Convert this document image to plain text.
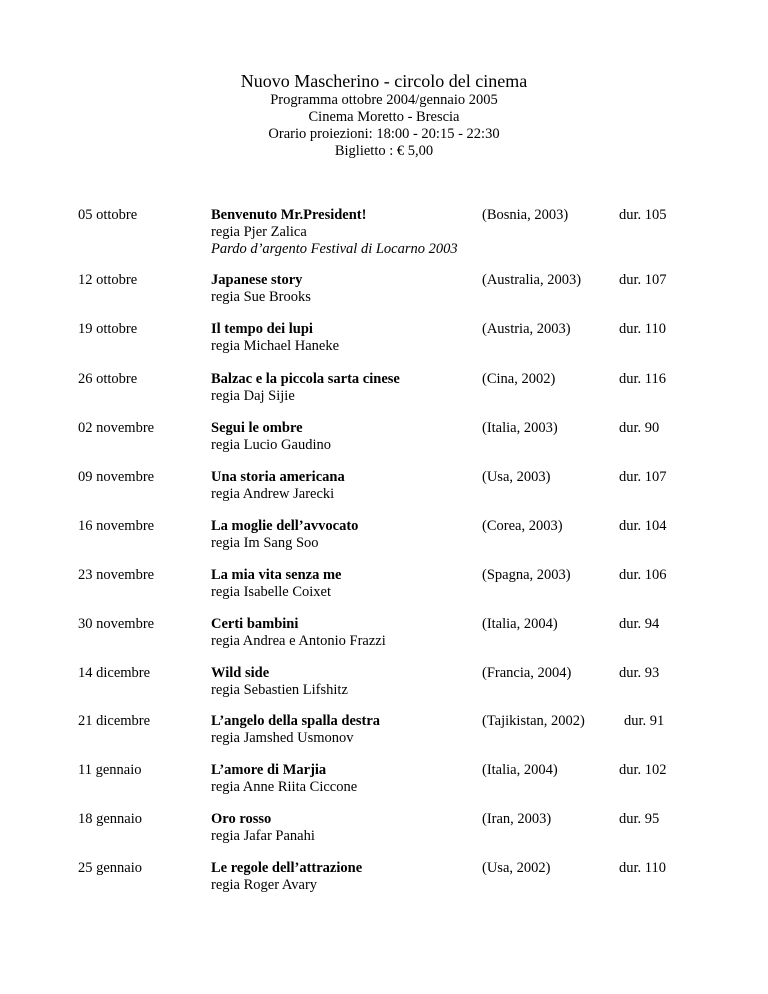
Nuovo Mascherino - circolo del cinema
Programma ottobre 2004/gennaio 2005
Cinema Moretto - Brescia
Orario proiezioni: 18:00 - 20:15 - 22:30
Biglietto : € 5,00
05 ottobre	Benvenuto Mr.President!
regia Pjer Zalica
Pardo d’argento Festival di Locarno 2003
(Bosnia, 2003)	dur. 105
12 ottobre	Japanese story
regia Sue Brooks
(Australia, 2003)	dur. 107
19 ottobre	Il tempo dei lupi
regia Michael Haneke
(Austria, 2003)	dur. 110
26 ottobre	Balzac e la piccola sarta cinese
regia Daj Sijie
(Cina, 2002)	dur. 116
02 novembre	Segui le ombre
regia Lucio Gaudino
(Italia, 2003)	dur. 90
09 novembre	Una storia americana
regia Andrew Jarecki
(Usa, 2003)	dur. 107
16 novembre	La moglie dell’avvocato
regia Im Sang Soo
(Corea, 2003)	dur. 104
23 novembre	La mia vita senza me
regia Isabelle Coixet
(Spagna, 2003)	dur. 106
30 novembre	Certi bambini
regia Andrea e Antonio Frazzi
(Italia, 2004)	dur. 94
14 dicembre	Wild side
regia Sebastien Lifshitz
(Francia, 2004)	dur. 93
21 dicembre	L’angelo della spalla destra
regia Jamshed Usmonov
(Tajikistan, 2002)	dur. 91
11 gennaio	L’amore di Marjia
regia Anne Riita Ciccone
(Italia, 2004)	dur. 102
18 gennaio	Oro rosso
regia Jafar Panahi
(Iran, 2003)	dur. 95
25 gennaio	Le regole dell’attrazione
regia Roger Avary
(Usa, 2002)	dur. 110
